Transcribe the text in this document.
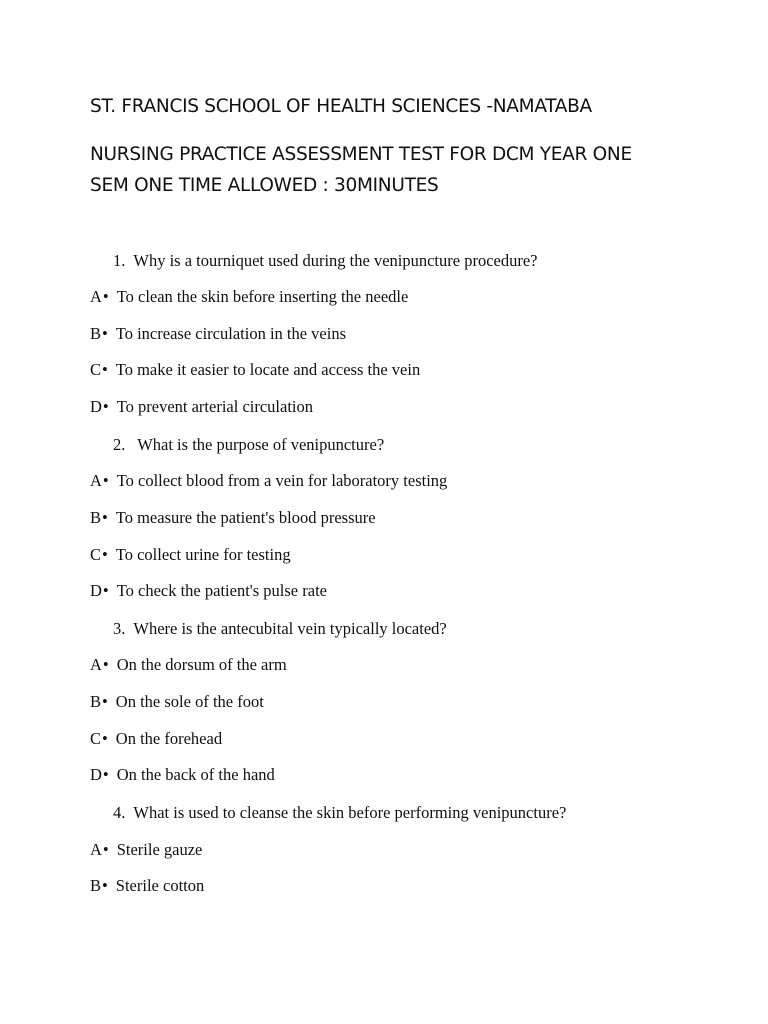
ST. FRANCIS SCHOOL OF HEALTH SCIENCES -NAMATABA
NURSING PRACTICE ASSESSMENT TEST FOR DCM YEAR ONE
SEM ONE TIME ALLOWED : 30MINUTES
1. Why is a tourniquet used during the venipuncture procedure?
A• To clean the skin before inserting the needle
B• To increase circulation in the veins
C• To make it easier to locate and access the vein
D• To prevent arterial circulation
2. What is the purpose of venipuncture?
A• To collect blood from a vein for laboratory testing
B• To measure the patient's blood pressure
C• To collect urine for testing
D• To check the patient's pulse rate
3. Where is the antecubital vein typically located?
A• On the dorsum of the arm
B• On the sole of the foot
C• On the forehead
D• On the back of the hand
4. What is used to cleanse the skin before performing venipuncture?
A• Sterile gauze
B• Sterile cotton
